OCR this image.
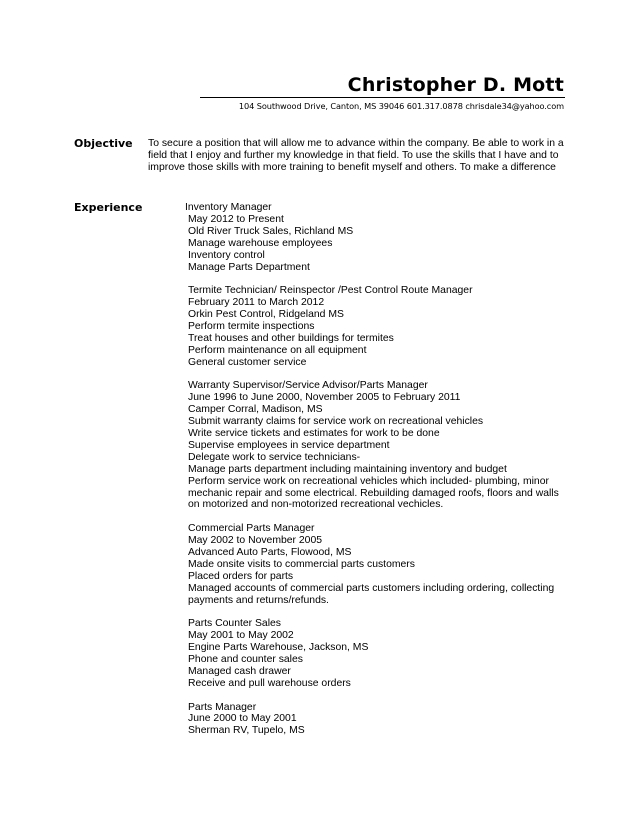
Christopher D. Mott
104 Southwood Drive, Canton, MS 39046 601.317.0878 chrisdale34@yahoo.com
Objective To secure a position that will allow me to advance within the company. Be able to work in a field that I enjoy and further my knowledge in that field. To use the skills that I have and to improve those skills with more training to benefit myself and others. To make a difference
Experience	Inventory Manager
May 2012 to Present
Old River Truck Sales, Richland MS
Manage warehouse employees
Inventory control
Manage Parts Department
Termite Technician/ Reinspector /Pest Control Route Manager
February 2011 to March 2012
Orkin Pest Control, Ridgeland MS
Perform termite inspections
Treat houses and other buildings for termites
Perform maintenance on all equipment
General customer service
Warranty Supervisor/Service Advisor/Parts Manager
June 1996 to June 2000, November 2005 to February 2011
Camper Corral, Madison, MS
Submit warranty claims for service work on recreational vehicles
Write service tickets and estimates for work to be done
Supervise employees in service department
Delegate work to service technicians-
Manage parts department including maintaining inventory and budget
Perform service work on recreational vehicles which included- plumbing, minor mechanic repair and some electrical. Rebuilding damaged roofs, floors and walls on motorized and non-motorized recreational vechicles.
Commercial Parts Manager
May 2002 to November 2005
Advanced Auto Parts, Flowood, MS
Made onsite visits to commercial parts customers
Placed orders for parts
Managed accounts of commercial parts customers including ordering, collecting payments and returns/refunds.
Parts Counter Sales
May 2001 to May 2002
Engine Parts Warehouse, Jackson, MS
Phone and counter sales
Managed cash drawer
Receive and pull warehouse orders
Parts Manager
June 2000 to May 2001
Sherman RV, Tupelo, MS
